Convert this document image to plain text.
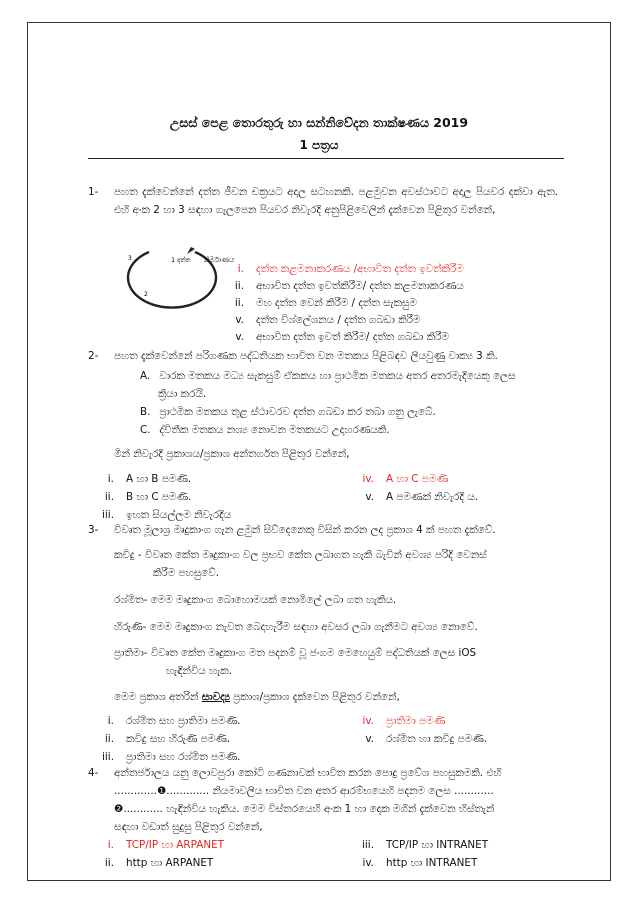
උසස් පෙළ තොරතුරු හා සන්නිවේදන තාක්ෂණය 2019
1 පත්‍රය
1-	පහත දැක්වෙන්නේ දත්ත ජීවන චක්‍රයට අදාල සටහනකි. පළමුවන අවස්ථාවට අදාල පියවර දක්වා ඇත. එහි අංක 2 හා 3 සඳහා ගැලපෙන පියවර නිවැරදි අනුපිළිවෙලින් දැක්වෙන පිළිතුර වන්නේ,
3
2
1 දත්ත නිර්මාණය
i. දත්ත කළමනාකරණය /අභාවිත දත්ත ඉවත්කිරීම
ii. අභාවිත දත්ත ඉවත්කිරීම/ දත්ත කළමනාකරණය
ii. මහ දත්ත වෙන් කිරීම / දත්ත සැකසුම
v. දත්ත විශ්ලේශනය / දත්ත ගබඩා කිරීම
v. අභාවිත දත්ත ඉවත් කිරීම/ දත්ත ගබඩා කිරීම
2-	පහත දැක්වෙන්නේ පරිගණක පද්ධතියක භාවිත වන මතකය පිළිබඳව ලියවුණු වාක්‍ය 3 කි.
A. වාරක මතකය මධ්‍ය සැකසුම් ඒකකය හා ප්‍රාථමික මතකය අතර අතරමැදියෙකු ලෙස
ක්‍රියා කරයි.
B. ප්‍රාථමික මතකය තුළ ස්ථාවරව දත්ත ගබඩා කර තබා ගනු ලැබේ.
C. ද්විතීක මතකය නශ්‍ය නොවන මතකයට උදාහරණයකි.
මින් නිවැරදි ප්‍රකාශය/ප්‍රකාශ අන්තර්ගත පිළිතුර වන්නේ,
i. A හා B පමණි.
ii. B හා C පමණි.
iii. ඉහත සියල්ලම නිවැරදිය
iv. A හා C පමණි
v. A පමණක් නිවැරදි ය.
3-	විවෘත මූලාශ්‍ර මෘදුකාංග ගැන ළමුන් සිව්දෙනෙකු විසින් කරන ලද ප්‍රකාශ 4 ක් පහත දැක්වේ.
කවිදු - විවෘත කේත මෘදුකාංග වල ප්‍රභව කේත ලබාගත හැකි බැවින් අවශ්‍ය පරිදි වෙනස්
කිරීම පහසුවේ.
රශ්මිත- මෙම මෘදුකාංග බොහොමයක් නොමිලේ ලබා ගත හැකිය.
හිරුණි- මෙම මෘදුකාංග නැවත බෙදාහැරීම සඳහා අවසර ලබා ගැනීමට අවශ්‍ය නොවේ.
ප්‍රාතිමා- විවෘත කේත මෘදුකාංග මත පදනම් වූ ජංගම මෙහෙයුම් පද්ධතියක් ලෙස iOS
හැඳින්විය හැක.
මෙම ප්‍රකාශ අතරින් සාවද්‍ය ප්‍රකාශ/ප්‍රකාශ දැක්වෙන පිළිතුර වන්නේ,
i. රශ්මිත සහ ප්‍රාතිමා පමණි.
ii. කවිදු සහ හිරුණි පමණි.
iii. ප්‍රාතිමා සහ රශ්මිත පමණි.
iv. ප්‍රාතිමා පමණි
v. රශ්මිත හා කවිදු පමණි.
4-	අන්තර්ජාලය යනු ලොවපුරා කෝටි ගණනාවක් භාවිත කරන පොදු ප්‍රවේශ පහසුකමකි. එහි
.............❶............. නියමාවලිය භාවිත වන අතර ආරම්භයෙහි පදනම ලෙස ............
❷............ හැඳින්විය හැකිය. මෙම විස්තරයෙහි අංක 1 හා දෙක මගින් දැක්වෙන හිස්තැන්
සඳහා වඩාත් සුදුසු පිළිතුර වන්නේ,
i. TCP/IP හා ARPANET
ii. http හා ARPANET
iii. TCP/IP හා INTRANET
iv. http හා INTRANET
